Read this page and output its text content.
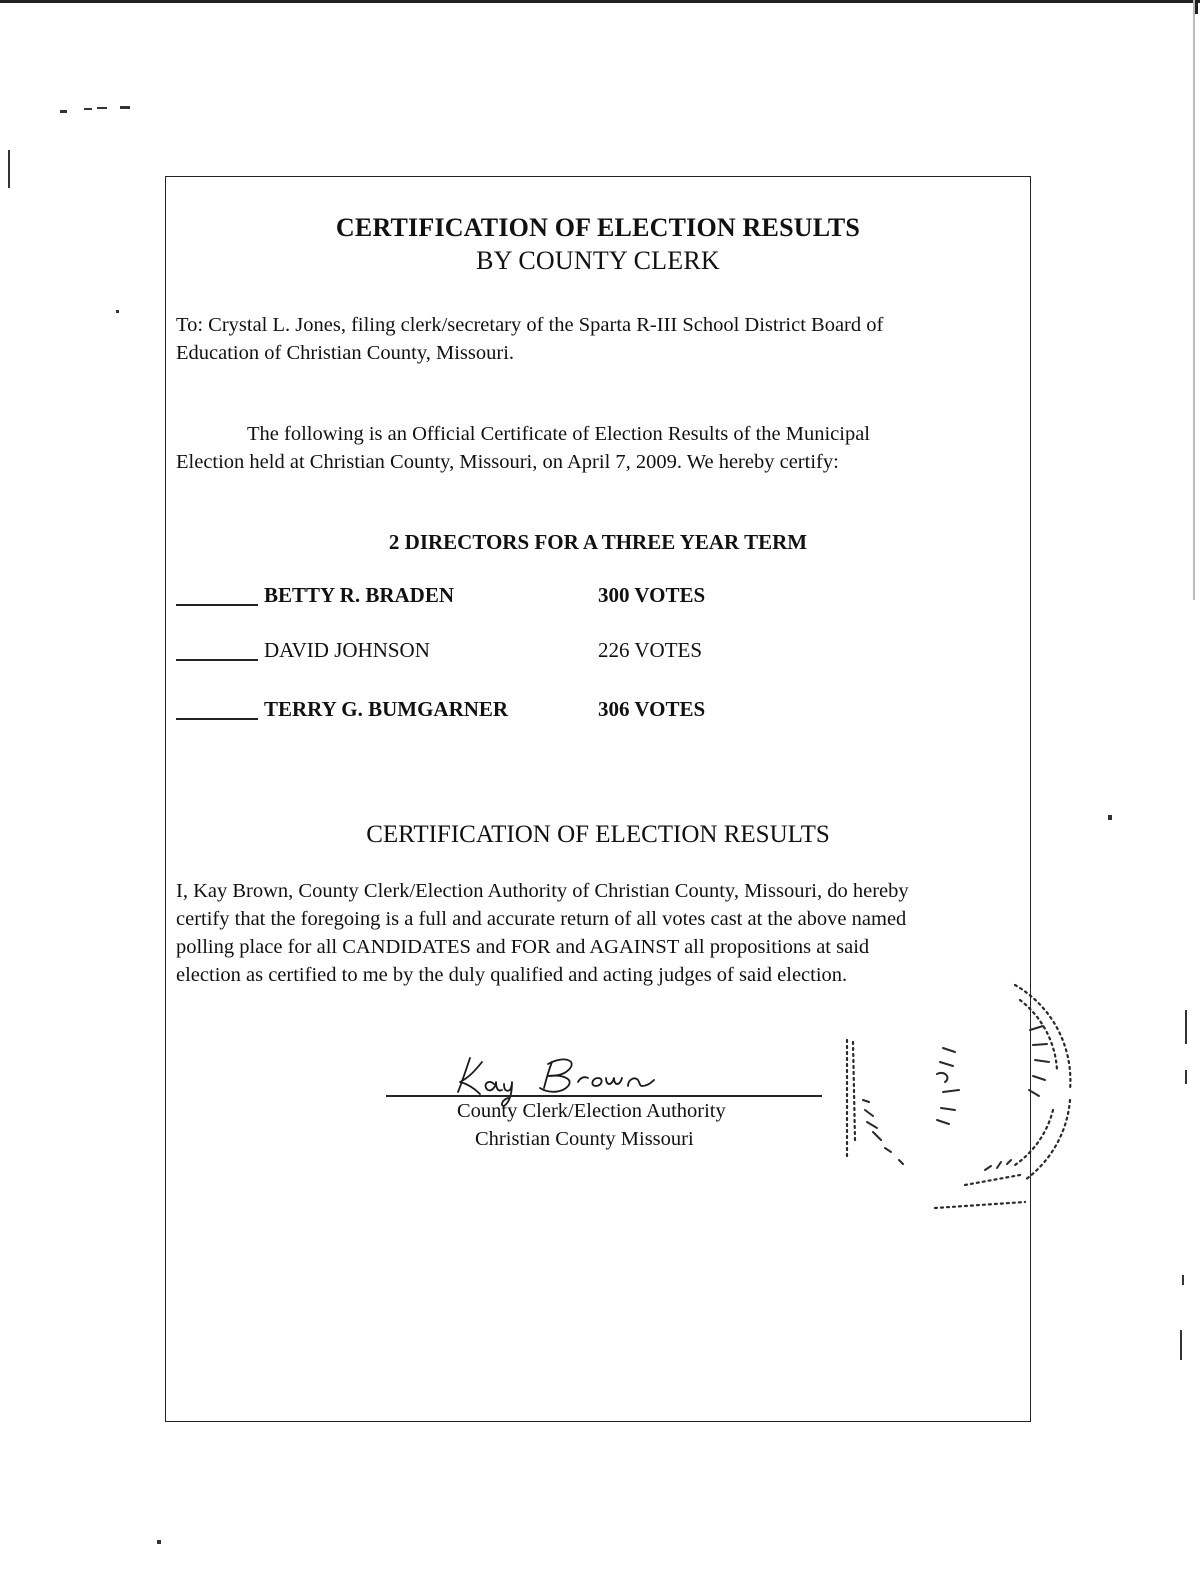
CERTIFICATION OF ELECTION RESULTS
BY COUNTY CLERK
To: Crystal L. Jones, filing clerk/secretary of the Sparta R-III School District Board of
Education of Christian County, Missouri.
The following is an Official Certificate of Election Results of the Municipal
Election held at Christian County, Missouri, on April 7, 2009. We hereby certify:
2 DIRECTORS FOR A THREE YEAR TERM
BETTY R. BRADEN	300 VOTES
DAVID JOHNSON	226 VOTES
TERRY G. BUMGARNER	306 VOTES
CERTIFICATION OF ELECTION RESULTS
I, Kay Brown, County Clerk/Election Authority of Christian County, Missouri, do hereby
certify that the foregoing is a full and accurate return of all votes cast at the above named
polling place for all CANDIDATES and FOR and AGAINST all propositions at said
election as certified to me by the duly qualified and acting judges of said election.
County Clerk/Election Authority
Christian County Missouri
